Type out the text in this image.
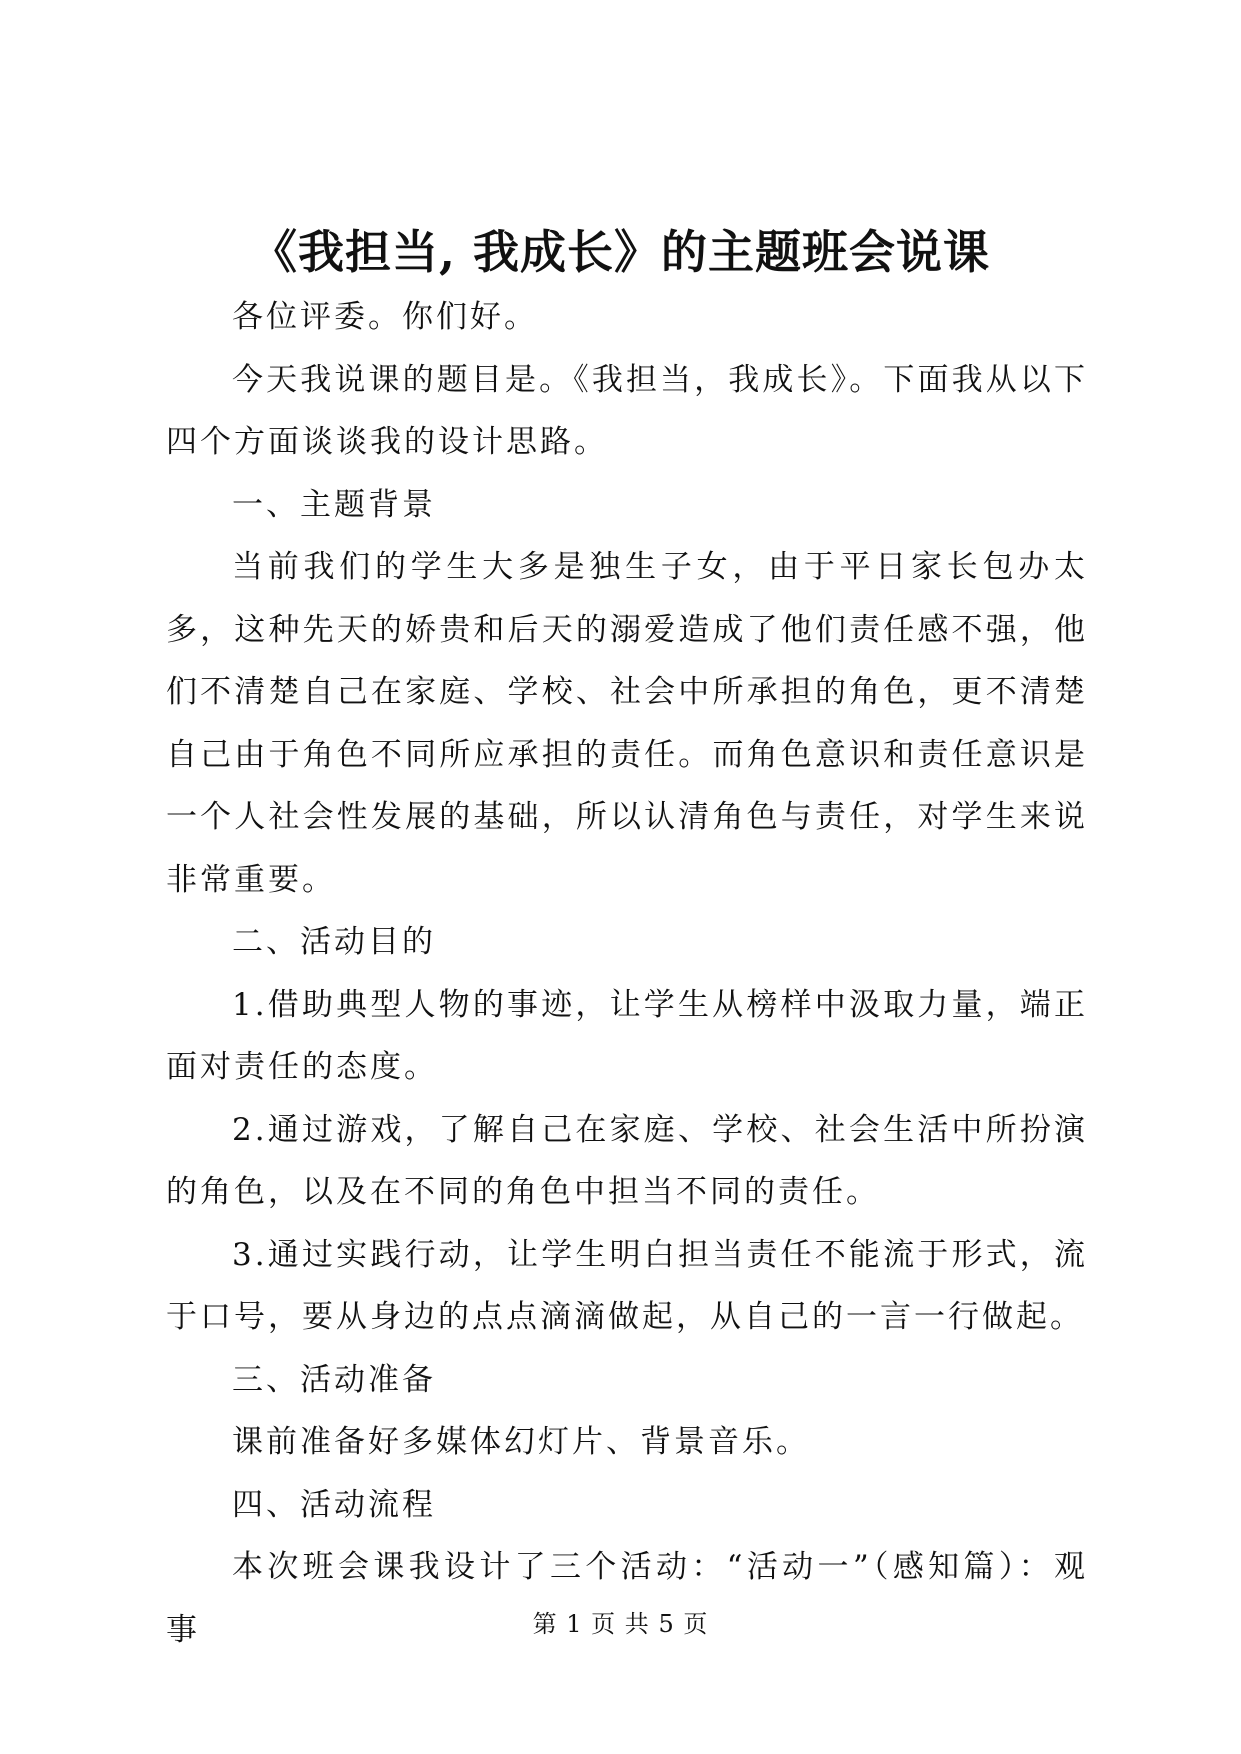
《我担当, 我成长》的主题班会说课

各位评委。你们好。

今天我说课的题目是。《我担当，我成长》。下面我从以下四个方面谈谈我的设计思路。

一、主题背景

当前我们的学生大多是独生子女，由于平日家长包办太多，这种先天的娇贵和后天的溺爱造成了他们责任感不强，他们不清楚自己在家庭、学校、社会中所承担的角色，更不清楚自己由于角色不同所应承担的责任。而角色意识和责任意识是一个人社会性发展的基础，所以认清角色与责任，对学生来说非常重要。

二、活动目的

1.借助典型人物的事迹，让学生从榜样中汲取力量，端正面对责任的态度。

2.通过游戏，了解自己在家庭、学校、社会生活中所扮演的角色，以及在不同的角色中担当不同的责任。

3.通过实践行动，让学生明白担当责任不能流于形式，流于口号，要从身边的点点滴滴做起，从自己的一言一行做起。

三、活动准备

课前准备好多媒体幻灯片、背景音乐。

四、活动流程

本次班会课我设计了三个活动：“活动一”（感知篇）：观事	第 1 页 共 5 页
